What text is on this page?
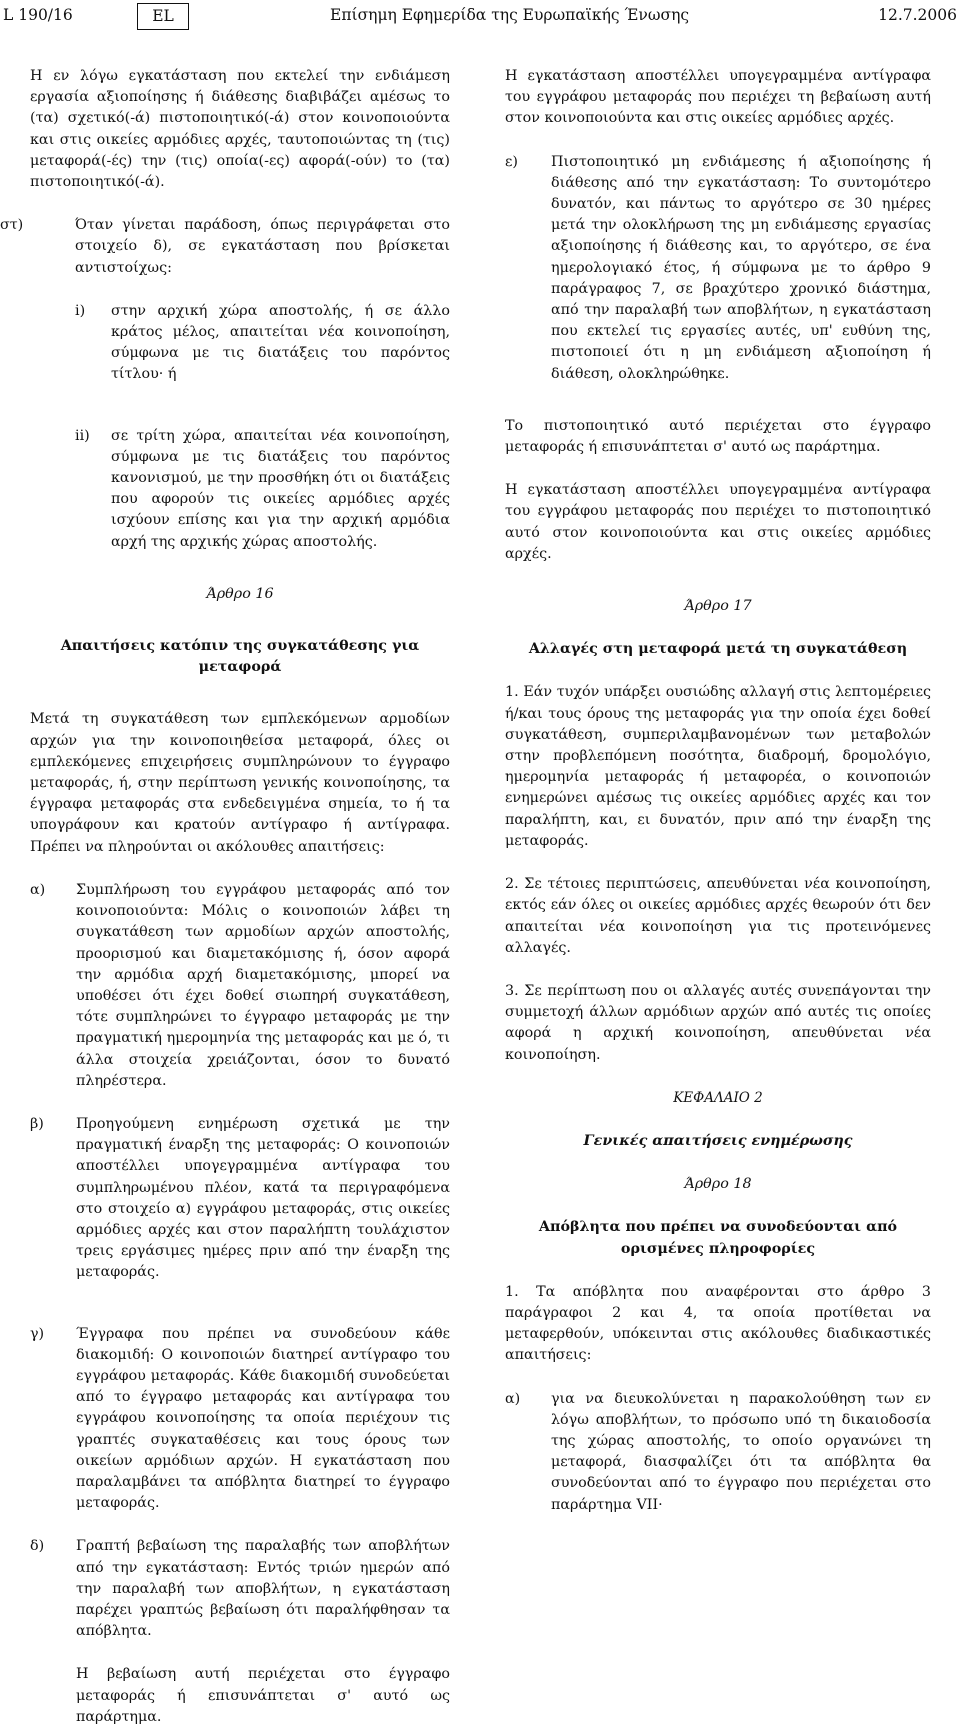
L 190/16	EL	Επίσημη Εφημερίδα της Ευρωπαϊκής Ένωσης	12.7.2006

Η εν λόγω εγκατάσταση που εκτελεί την ενδιάμεση εργασία αξιοποίησης ή διάθεσης διαβιβάζει αμέσως το (τα) σχετικό(-ά) πιστοποιητικό(-ά) στον κοινοποιούντα και στις οικείες αρμόδιες αρχές, ταυτοποιώντας τη (τις) μεταφορά(-ές) την (τις) οποία(-ες) αφορά(-ούν) το (τα) πιστοποιητικό(-ά).

στ)	Όταν γίνεται παράδοση, όπως περιγράφεται στο στοιχείο δ), σε εγκατάσταση που βρίσκεται αντιστοίχως:
i)	στην αρχική χώρα αποστολής, ή σε άλλο κράτος μέλος, απαιτείται νέα κοινοποίηση, σύμφωνα με τις διατάξεις του παρόντος τίτλου· ή
ii)	σε τρίτη χώρα, απαιτείται νέα κοινοποίηση, σύμφωνα με τις διατάξεις του παρόντος κανονισμού, με την προσθήκη ότι οι διατάξεις που αφορούν τις οικείες αρμόδιες αρχές ισχύουν επίσης και για την αρχική αρμόδια αρχή της αρχικής χώρας αποστολής.

Άρθρο 16

Απαιτήσεις κατόπιν της συγκατάθεσης για μεταφορά

Μετά τη συγκατάθεση των εμπλεκόμενων αρμοδίων αρχών για την κοινοποιηθείσα μεταφορά, όλες οι εμπλεκόμενες επιχειρήσεις συμπληρώνουν το έγγραφο μεταφοράς, ή, στην περίπτωση γενικής κοινοποίησης, τα έγγραφα μεταφοράς στα ενδεδειγμένα σημεία, το ή τα υπογράφουν και κρατούν αντίγραφο ή αντίγραφα. Πρέπει να πληρούνται οι ακόλουθες απαιτήσεις:

α)	Συμπλήρωση του εγγράφου μεταφοράς από τον κοινοποιούντα: Μόλις ο κοινοποιών λάβει τη συγκατάθεση των αρμοδίων αρχών αποστολής, προορισμού και διαμετακόμισης ή, όσον αφορά την αρμόδια αρχή διαμετακόμισης, μπορεί να υποθέσει ότι έχει δοθεί σιωπηρή συγκατάθεση, τότε συμπληρώνει το έγγραφο μεταφοράς με την πραγματική ημερομηνία της μεταφοράς και με ό, τι άλλα στοιχεία χρειάζονται, όσον το δυνατό πληρέστερα.
β)	Προηγούμενη ενημέρωση σχετικά με την πραγματική έναρξη της μεταφοράς: Ο κοινοποιών αποστέλλει υπογεγραμμένα αντίγραφα του συμπληρωμένου πλέον, κατά τα περιγραφόμενα στο στοιχείο α) εγγράφου μεταφοράς, στις οικείες αρμόδιες αρχές και στον παραλήπτη τουλάχιστον τρεις εργάσιμες ημέρες πριν από την έναρξη της μεταφοράς.
γ)	Έγγραφα που πρέπει να συνοδεύουν κάθε διακομιδή: Ο κοινοποιών διατηρεί αντίγραφο του εγγράφου μεταφοράς. Κάθε διακομιδή συνοδεύεται από το έγγραφο μεταφοράς και αντίγραφα του εγγράφου κοινοποίησης τα οποία περιέχουν τις γραπτές συγκαταθέσεις και τους όρους των οικείων αρμόδιων αρχών. Η εγκατάσταση που παραλαμβάνει τα απόβλητα διατηρεί το έγγραφο μεταφοράς.
δ)	Γραπτή βεβαίωση της παραλαβής των αποβλήτων από την εγκατάσταση: Εντός τριών ημερών από την παραλαβή των αποβλήτων, η εγκατάσταση παρέχει γραπτώς βεβαίωση ότι παραλήφθησαν τα απόβλητα.
Η βεβαίωση αυτή περιέχεται στο έγγραφο μεταφοράς ή επισυνάπτεται σ' αυτό ως παράρτημα.

Η εγκατάσταση αποστέλλει υπογεγραμμένα αντίγραφα του εγγράφου μεταφοράς που περιέχει τη βεβαίωση αυτή στον κοινοποιούντα και στις οικείες αρμόδιες αρχές.

ε)	Πιστοποιητικό μη ενδιάμεσης ή αξιοποίησης ή διάθεσης από την εγκατάσταση: Το συντομότερο δυνατόν, και πάντως το αργότερο σε 30 ημέρες μετά την ολοκλήρωση της μη ενδιάμεσης εργασίας αξιοποίησης ή διάθεσης και, το αργότερο, σε ένα ημερολογιακό έτος, ή σύμφωνα με το άρθρο 9 παράγραφος 7, σε βραχύτερο χρονικό διάστημα, από την παραλαβή των αποβλήτων, η εγκατάσταση που εκτελεί τις εργασίες αυτές, υπ' ευθύνη της, πιστοποιεί ότι η μη ενδιάμεση αξιοποίηση ή διάθεση, ολοκληρώθηκε.

Το πιστοποιητικό αυτό περιέχεται στο έγγραφο μεταφοράς ή επισυνάπτεται σ' αυτό ως παράρτημα.

Η εγκατάσταση αποστέλλει υπογεγραμμένα αντίγραφα του εγγράφου μεταφοράς που περιέχει το πιστοποιητικό αυτό στον κοινοποιούντα και στις οικείες αρμόδιες αρχές.

Άρθρο 17

Αλλαγές στη μεταφορά μετά τη συγκατάθεση

1. Εάν τυχόν υπάρξει ουσιώδης αλλαγή στις λεπτομέρειες ή/και τους όρους της μεταφοράς για την οποία έχει δοθεί συγκατάθεση, συμπεριλαμβανομένων των μεταβολών στην προβλεπόμενη ποσότητα, διαδρομή, δρομολόγιο, ημερομηνία μεταφοράς ή μεταφορέα, ο κοινοποιών ενημερώνει αμέσως τις οικείες αρμόδιες αρχές και τον παραλήπτη, και, ει δυνατόν, πριν από την έναρξη της μεταφοράς.

2. Σε τέτοιες περιπτώσεις, απευθύνεται νέα κοινοποίηση, εκτός εάν όλες οι οικείες αρμόδιες αρχές θεωρούν ότι δεν απαιτείται νέα κοινοποίηση για τις προτεινόμενες αλλαγές.

3. Σε περίπτωση που οι αλλαγές αυτές συνεπάγονται την συμμετοχή άλλων αρμόδιων αρχών από αυτές τις οποίες αφορά η αρχική κοινοποίηση, απευθύνεται νέα κοινοποίηση.

ΚΕΦΑΛΑΙΟ 2

Γενικές απαιτήσεις ενημέρωσης

Άρθρο 18

Απόβλητα που πρέπει να συνοδεύονται από ορισμένες πληροφορίες

1. Τα απόβλητα που αναφέρονται στο άρθρο 3 παράγραφοι 2 και 4, τα οποία προτίθεται να μεταφερθούν, υπόκεινται στις ακόλουθες διαδικαστικές απαιτήσεις:

α)	για να διευκολύνεται η παρακολούθηση των εν λόγω αποβλήτων, το πρόσωπο υπό τη δικαιοδοσία της χώρας αποστολής, το οποίο οργανώνει τη μεταφορά, διασφαλίζει ότι τα απόβλητα θα συνοδεύονται από το έγγραφο που περιέχεται στο παράρτημα VII·
